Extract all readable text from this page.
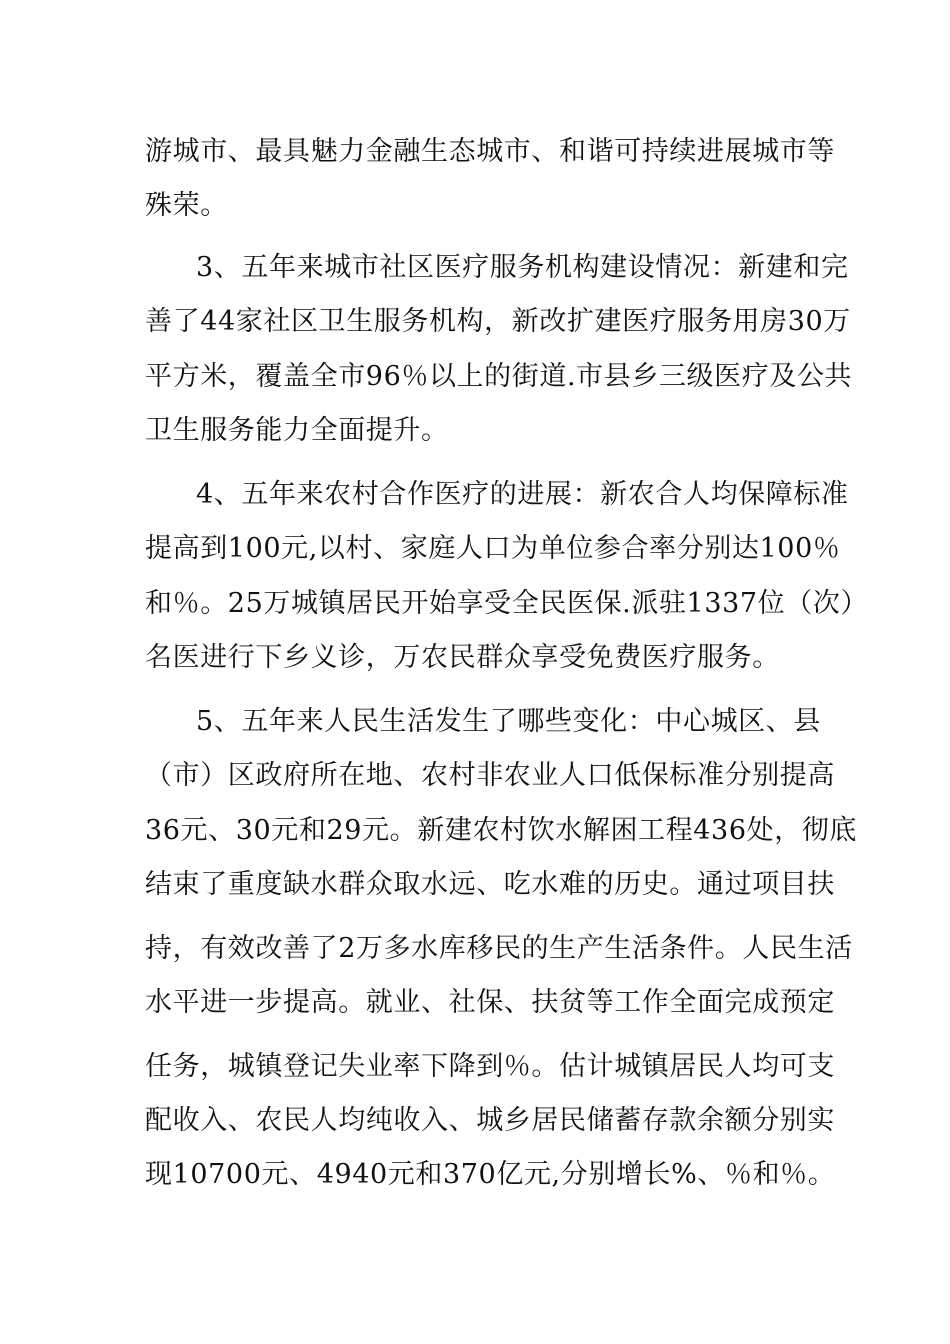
游城市、最具魅力金融生态城市、和谐可持续进展城市等
殊荣。
3、五年来城市社区医疗服务机构建设情况：新建和完
善了44家社区卫生服务机构，新改扩建医疗服务用房30万
平方米，覆盖全市96％以上的街道.市县乡三级医疗及公共
卫生服务能力全面提升。
4、五年来农村合作医疗的进展：新农合人均保障标准
提高到100元,以村、家庭人口为单位参合率分别达100％
和％。25万城镇居民开始享受全民医保.派驻1337位（次）
名医进行下乡义诊，万农民群众享受免费医疗服务。
5、五年来人民生活发生了哪些变化：中心城区、县
（市）区政府所在地、农村非农业人口低保标准分别提高
36元、30元和29元。新建农村饮水解困工程436处，彻底
结束了重度缺水群众取水远、吃水难的历史。通过项目扶
持，有效改善了2万多水库移民的生产生活条件。人民生活
水平进一步提高。就业、社保、扶贫等工作全面完成预定
任务，城镇登记失业率下降到％。估计城镇居民人均可支
配收入、农民人均纯收入、城乡居民储蓄存款余额分别实
现10700元、4940元和370亿元,分别增长%、％和％。
